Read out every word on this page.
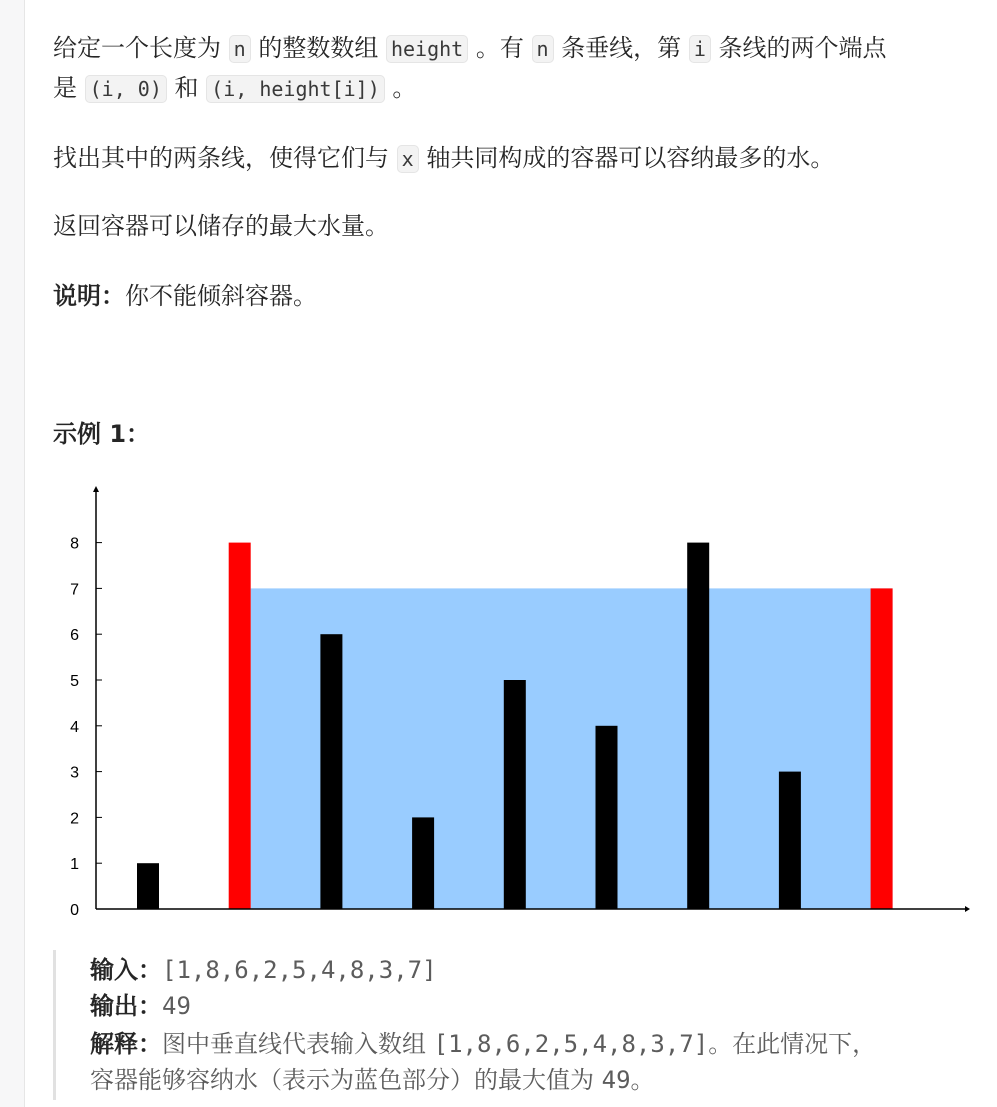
给定一个长度为 n 的整数数组 height 。有 n 条垂线，第 i 条线的两个端点
是 (i, 0) 和 (i, height[i]) 。
找出其中的两条线，使得它们与 x 轴共同构成的容器可以容纳最多的水。
返回容器可以储存的最大水量。
说明：你不能倾斜容器。
示例 1：
0
1
2
3
4
5
6
7
8
输入：[1,8,6,2,5,4,8,3,7]
输出：49
解释：图中垂直线代表输入数组 [1,8,6,2,5,4,8,3,7]。在此情况下，
容器能够容纳水（表示为蓝色部分）的最大值为 49。
